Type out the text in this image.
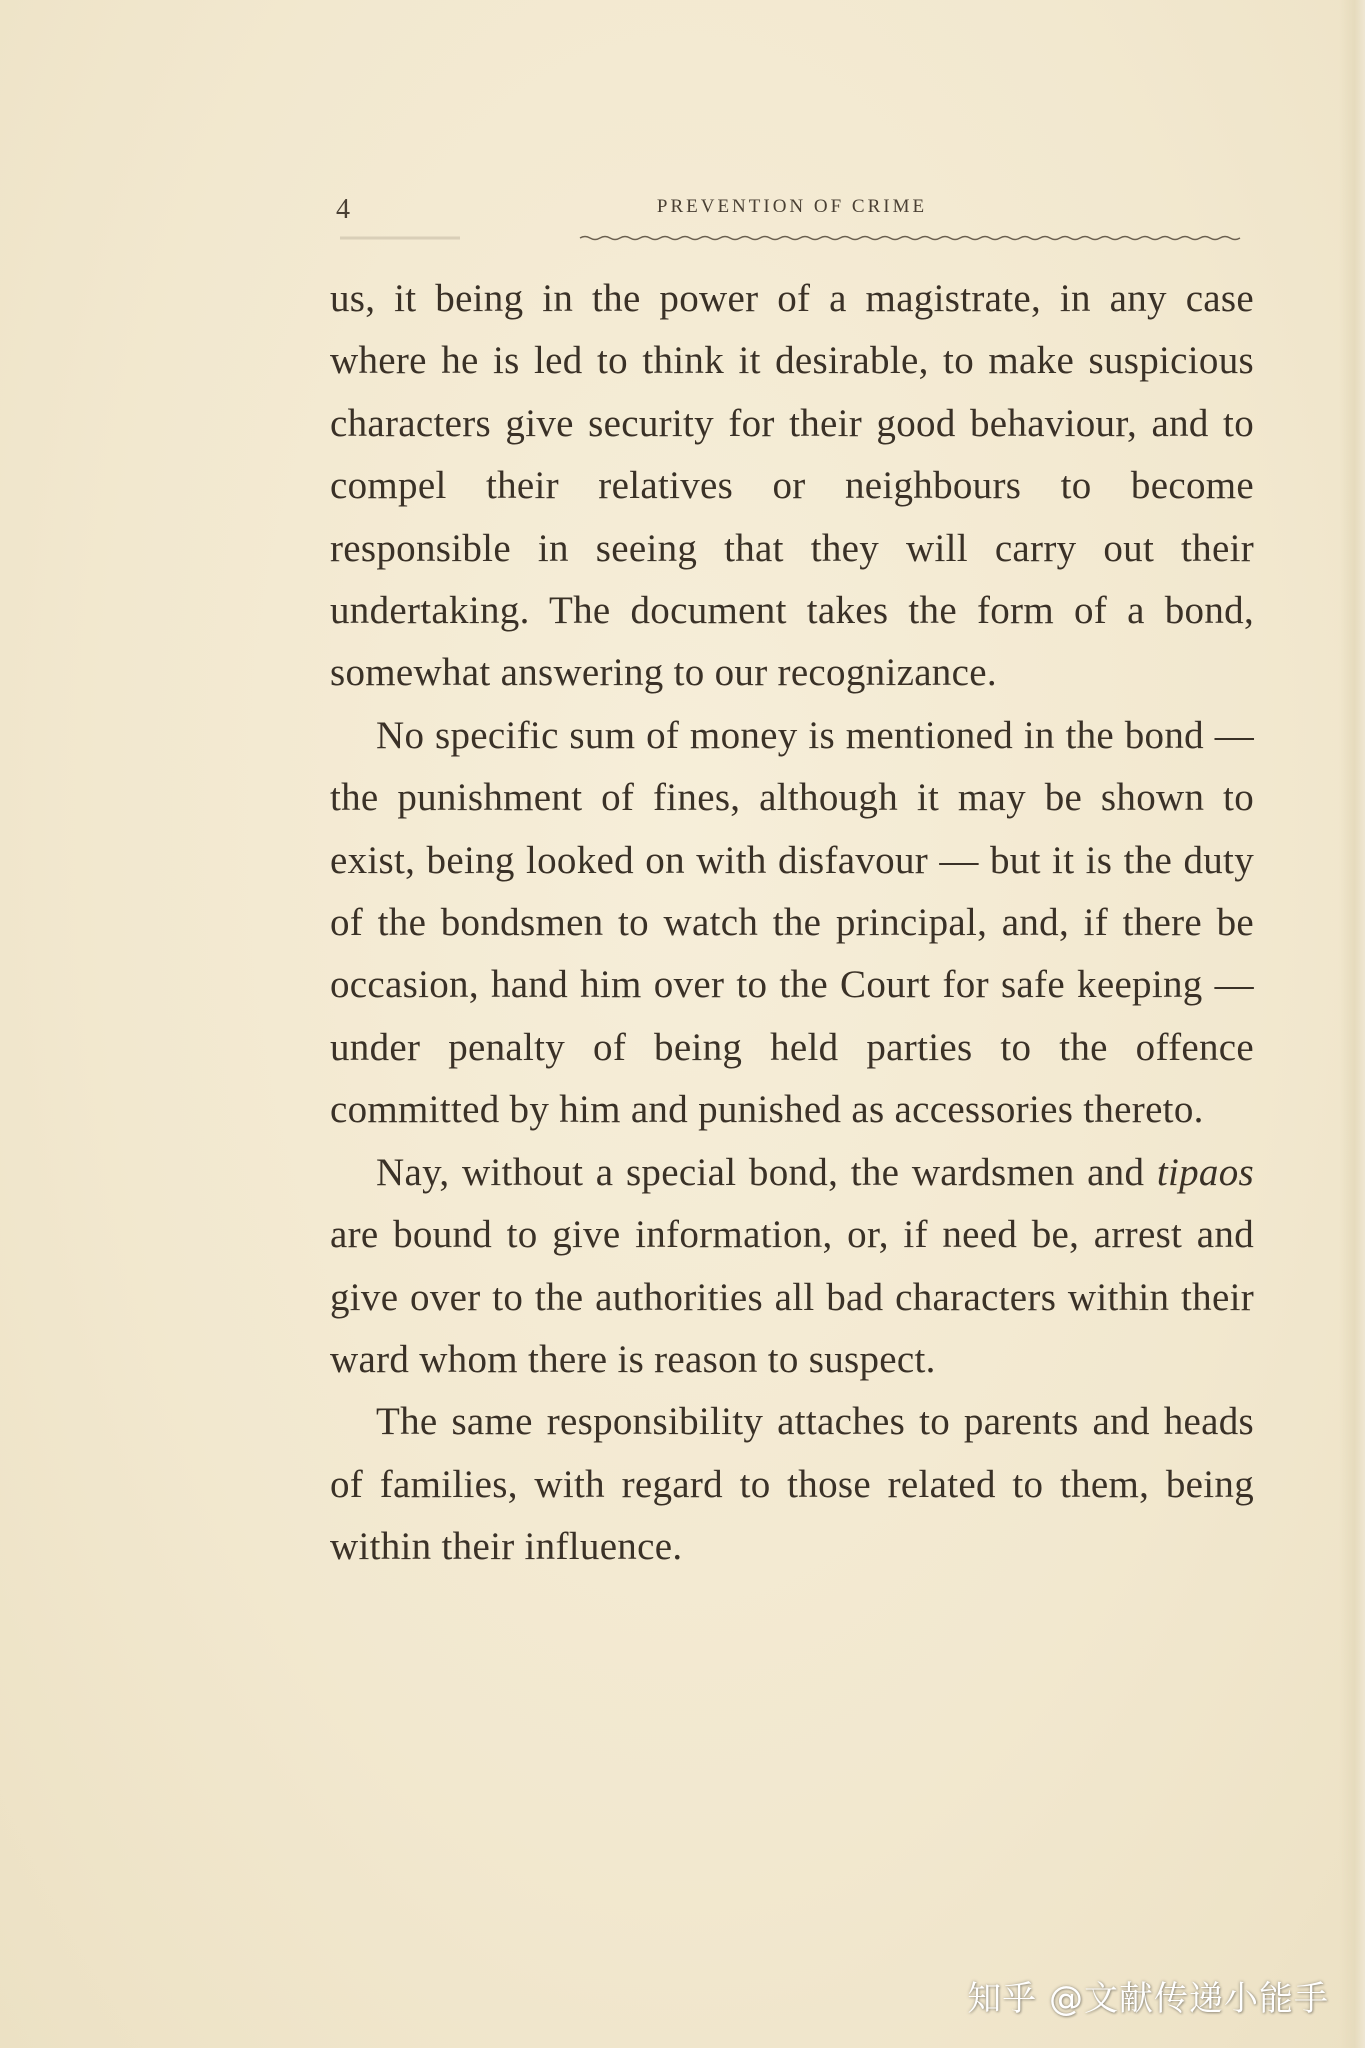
4	PREVENTION OF CRIME

us, it being in the power of a magistrate, in any case where he is led to think it desirable, to make suspicious characters give security for their good behaviour, and to compel their relatives or neighbours to become responsible in seeing that they will carry out their undertaking. The document takes the form of a bond, somewhat answering to our recognizance.

No specific sum of money is mentioned in the bond — the punishment of fines, although it may be shown to exist, being looked on with disfavour — but it is the duty of the bondsmen to watch the principal, and, if there be occasion, hand him over to the Court for safe keeping — under penalty of being held parties to the offence committed by him and punished as accessories thereto.

Nay, without a special bond, the wardsmen and tipaos are bound to give information, or, if need be, arrest and give over to the authorities all bad characters within their ward whom there is reason to suspect.

The same responsibility attaches to parents and heads of families, with regard to those related to them, being within their influence.

知乎 @文献传递小能手
